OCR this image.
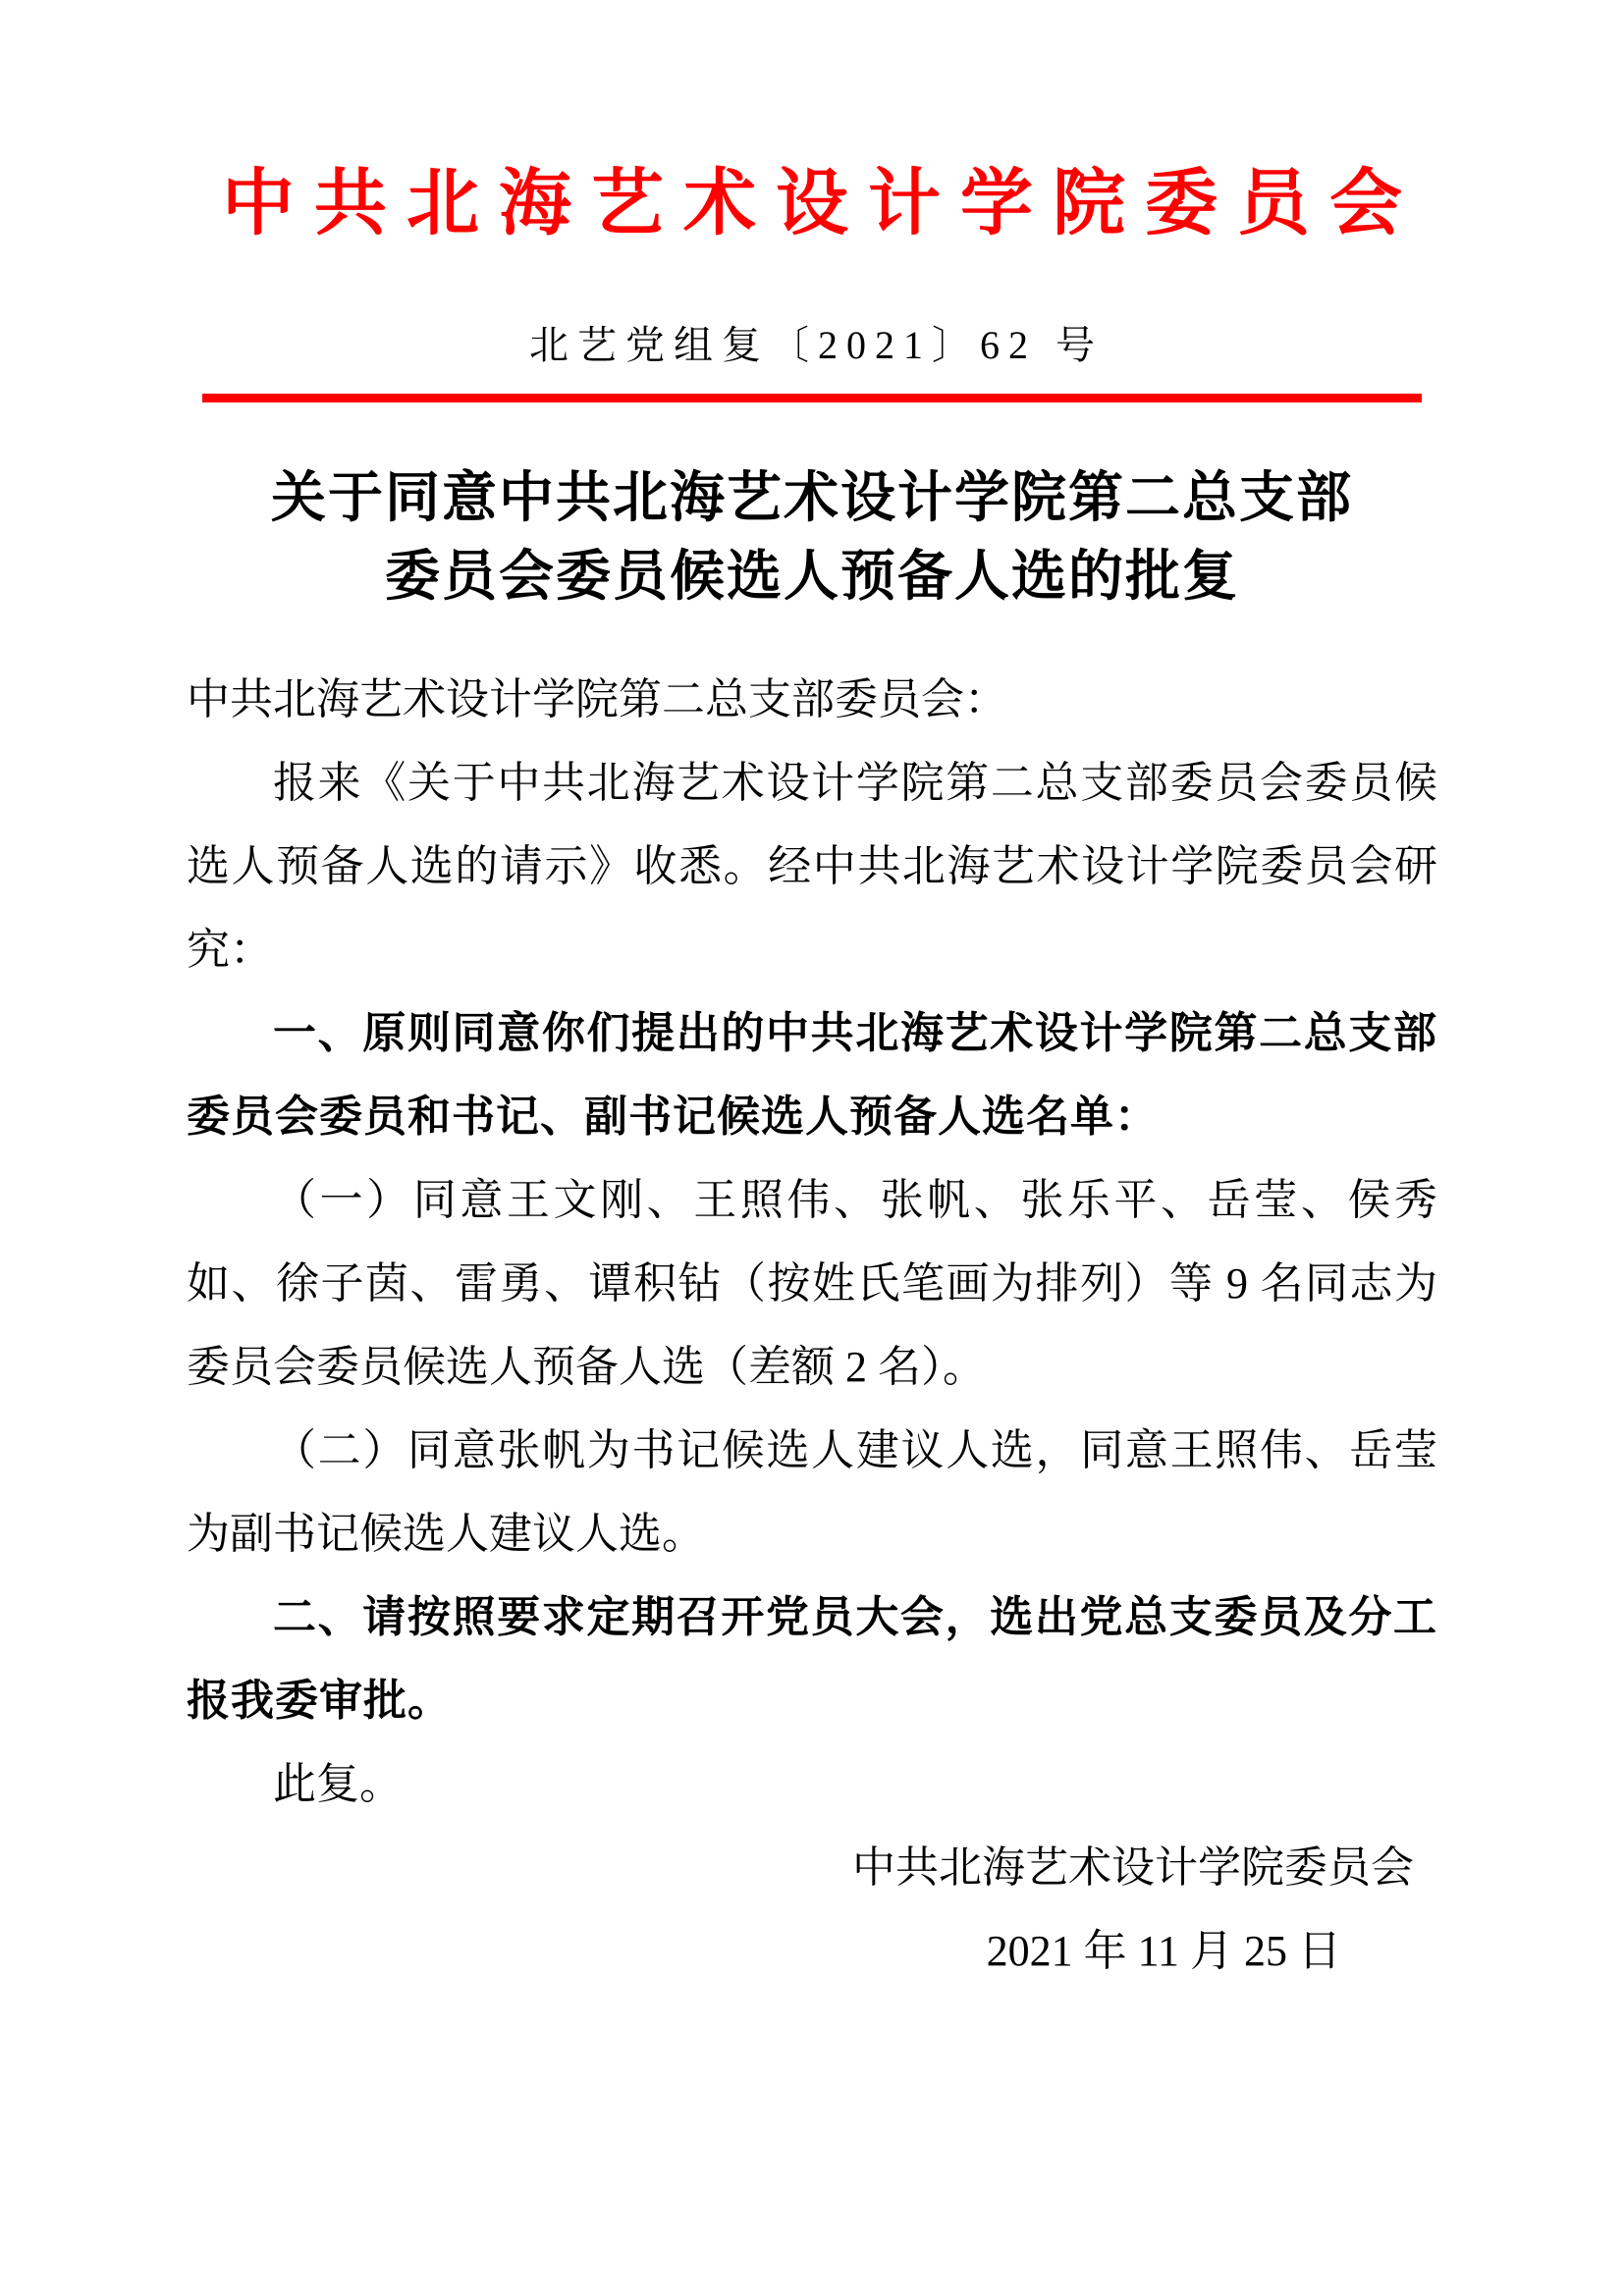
中共北海艺术设计学院委员会
北艺党组复〔2021〕62 号
关于同意中共北海艺术设计学院第二总支部
委员会委员候选人预备人选的批复
中共北海艺术设计学院第二总支部委员会：
报来《关于中共北海艺术设计学院第二总支部委员会委员候选人预备人选的请示》收悉。经中共北海艺术设计学院委员会研究：
一、原则同意你们提出的中共北海艺术设计学院第二总支部委员会委员和书记、副书记候选人预备人选名单：
（一）同意王文刚、王照伟、张帆、张乐平、岳莹、侯秀如、徐子茵、雷勇、谭积钻（按姓氏笔画为排列）等 9 名同志为委员会委员候选人预备人选（差额 2 名）。
（二）同意张帆为书记候选人建议人选，同意王照伟、岳莹为副书记候选人建议人选。
二、请按照要求定期召开党员大会，选出党总支委员及分工报我委审批。
此复。
中共北海艺术设计学院委员会
2021 年 11 月 25 日
